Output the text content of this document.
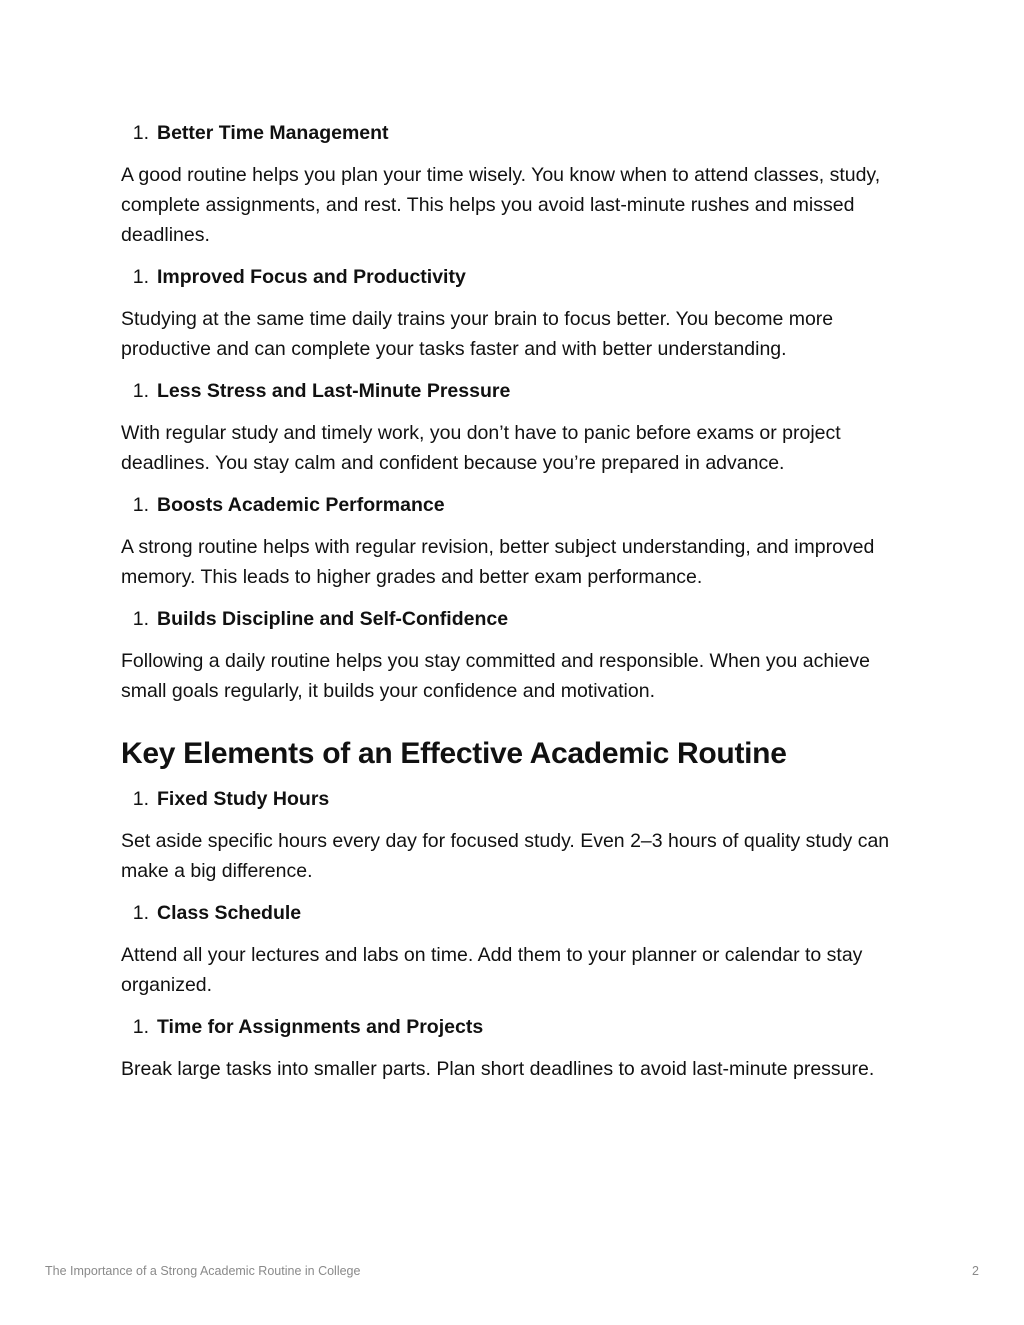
1. Better Time Management

A good routine helps you plan your time wisely. You know when to attend classes, study, complete assignments, and rest. This helps you avoid last-minute rushes and missed deadlines.

1. Improved Focus and Productivity

Studying at the same time daily trains your brain to focus better. You become more productive and can complete your tasks faster and with better understanding.

1. Less Stress and Last-Minute Pressure

With regular study and timely work, you don’t have to panic before exams or project deadlines. You stay calm and confident because you’re prepared in advance.

1. Boosts Academic Performance

A strong routine helps with regular revision, better subject understanding, and improved memory. This leads to higher grades and better exam performance.

1. Builds Discipline and Self-Confidence

Following a daily routine helps you stay committed and responsible. When you achieve small goals regularly, it builds your confidence and motivation.

Key Elements of an Effective Academic Routine
1. Fixed Study Hours

Set aside specific hours every day for focused study. Even 2–3 hours of quality study can make a big difference.

1. Class Schedule

Attend all your lectures and labs on time. Add them to your planner or calendar to stay organized.

1. Time for Assignments and Projects

Break large tasks into smaller parts. Plan short deadlines to avoid last-minute pressure.

The Importance of a Strong Academic Routine in College	2
